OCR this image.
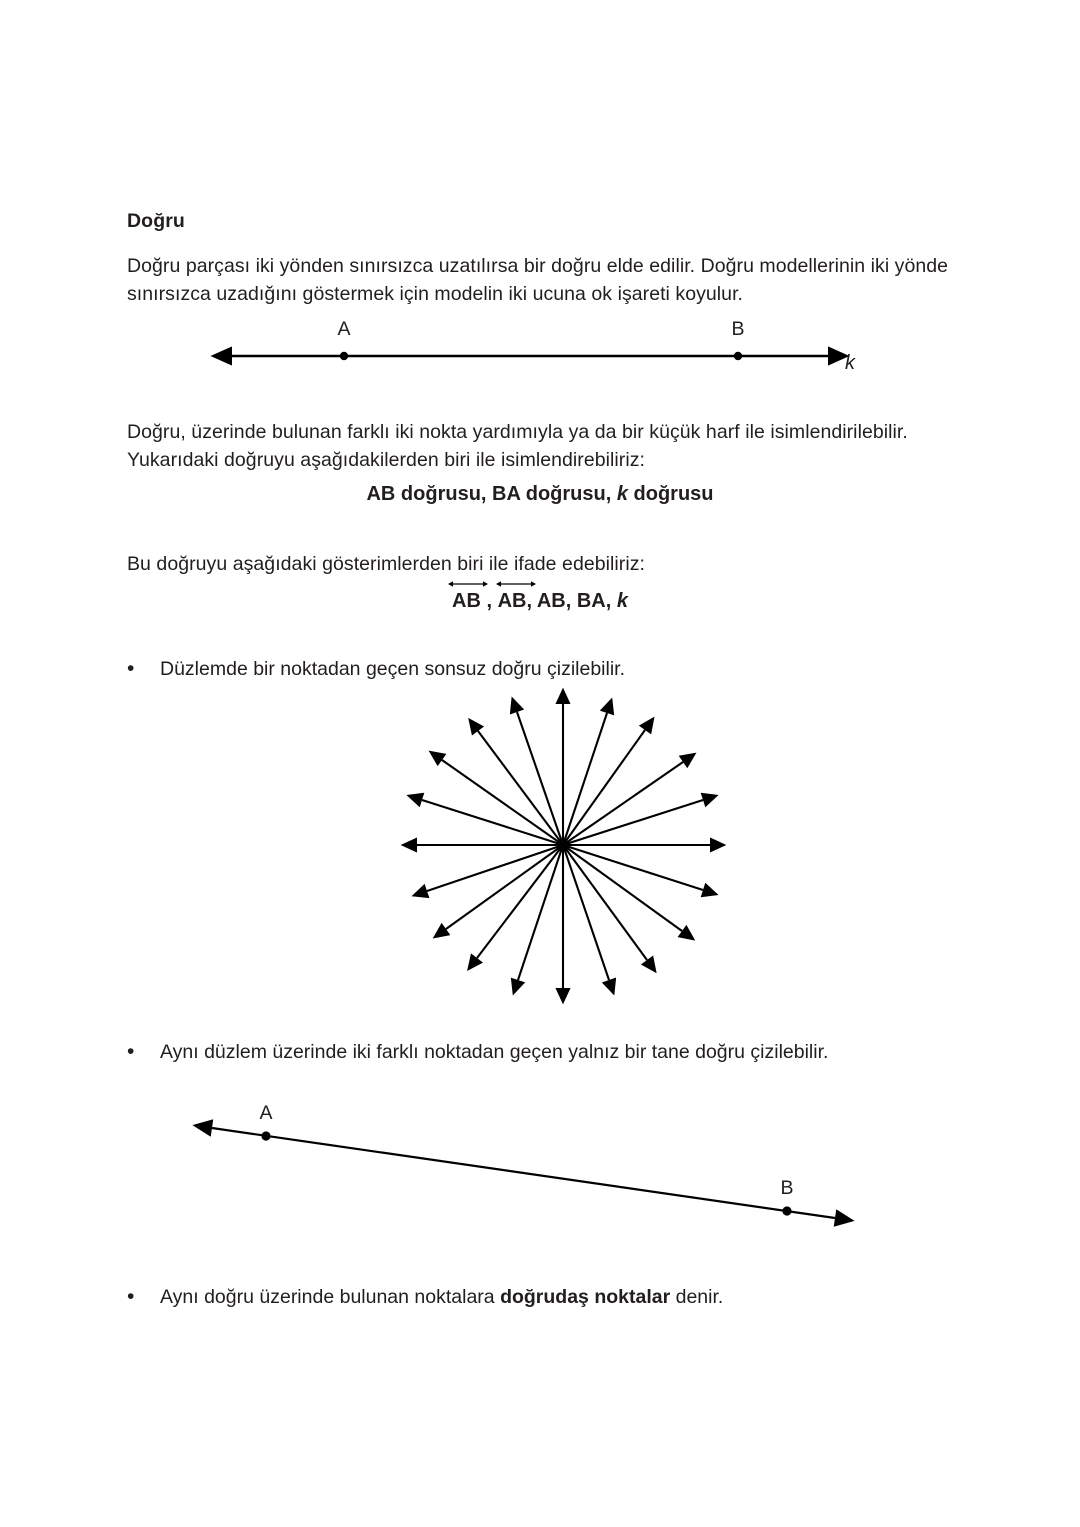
Doğru
Doğru parçası iki yönden sınırsızca uzatılırsa bir doğru elde edilir. Doğru modellerinin iki yönde sınırsızca uzadığını göstermek için modelin iki ucuna ok işareti koyulur.
A	B
k
Doğru, üzerinde bulunan farklı iki nokta yardımıyla ya da bir küçük harf ile isimlendirilebilir. Yukarıdaki doğruyu aşağıdakilerden biri ile isimlendirebiliriz:
AB doğrusu, BA doğrusu, k doğrusu
Bu doğruyu aşağıdaki gösterimlerden biri ile ifade edebiliriz:
AB ,
AB, AB, BA, k
•	Düzlemde bir noktadan geçen sonsuz doğru çizilebilir.
•	Aynı düzlem üzerinde iki farklı noktadan geçen yalnız bir tane doğru çizilebilir.
A
B
•	Aynı doğru üzerinde bulunan noktalara doğrudaş noktalar denir.
